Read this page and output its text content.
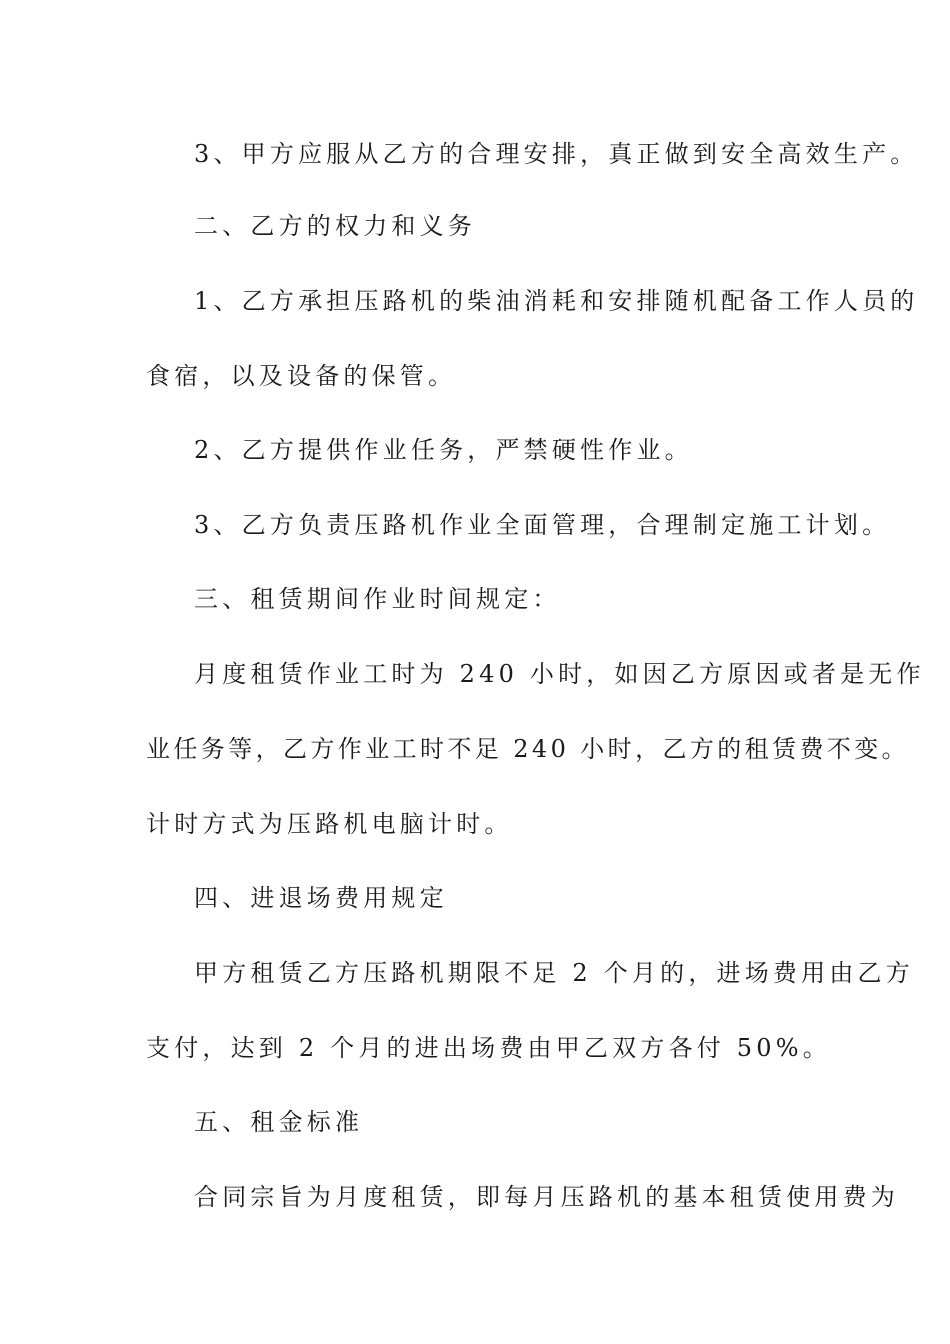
3、甲方应服从乙方的合理安排，真正做到安全高效生产。
二、乙方的权力和义务
1、乙方承担压路机的柴油消耗和安排随机配备工作人员的
食宿，以及设备的保管。
2、乙方提供作业任务，严禁硬性作业。
3、乙方负责压路机作业全面管理，合理制定施工计划。
三、租赁期间作业时间规定：
月度租赁作业工时为 240 小时，如因乙方原因或者是无作
业任务等，乙方作业工时不足 240 小时，乙方的租赁费不变。
计时方式为压路机电脑计时。
四、进退场费用规定
甲方租赁乙方压路机期限不足 2 个月的，进场费用由乙方
支付，达到 2 个月的进出场费由甲乙双方各付 50%。
五、租金标准
合同宗旨为月度租赁，即每月压路机的基本租赁使用费为
